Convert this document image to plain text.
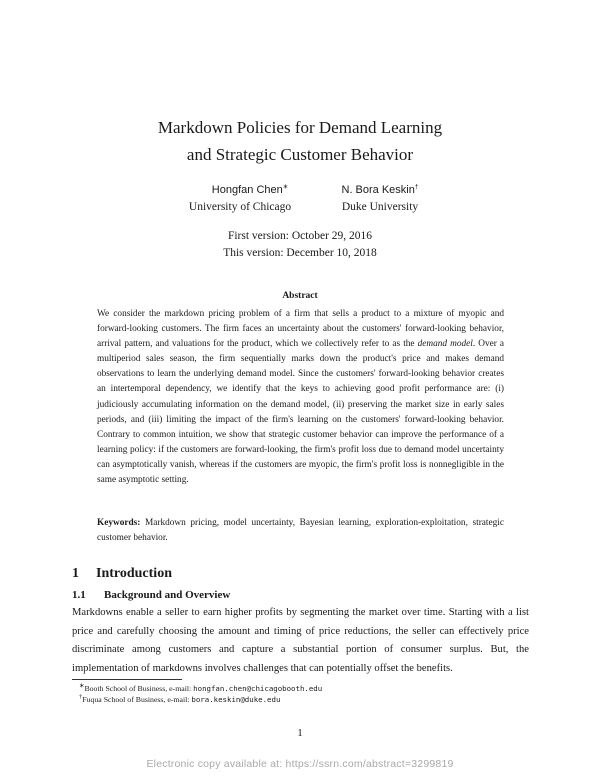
Markdown Policies for Demand Learning
and Strategic Customer Behavior
Hongfan Chen∗	N. Bora Keskin†
University of Chicago	Duke University
First version: October 29, 2016
This version: December 10, 2018
Abstract
We consider the markdown pricing problem of a firm that sells a product to a mixture of myopic and forward-looking customers. The firm faces an uncertainty about the customers' forward-looking behavior, arrival pattern, and valuations for the product, which we collectively refer to as the demand model. Over a multiperiod sales season, the firm sequentially marks down the product's price and makes demand observations to learn the underlying demand model. Since the customers' forward-looking behavior creates an intertemporal dependency, we identify that the keys to achieving good profit performance are: (i) judiciously accumulating information on the demand model, (ii) preserving the market size in early sales periods, and (iii) limiting the impact of the firm's learning on the customers' forward-looking behavior. Contrary to common intuition, we show that strategic customer behavior can improve the performance of a learning policy: if the customers are forward-looking, the firm's profit loss due to demand model uncertainty can asymptotically vanish, whereas if the customers are myopic, the firm's profit loss is nonnegligible in the same asymptotic setting.
Keywords: Markdown pricing, model uncertainty, Bayesian learning, exploration-exploitation, strategic customer behavior.
1 Introduction
1.1 Background and Overview
Markdowns enable a seller to earn higher profits by segmenting the market over time. Starting with a list price and carefully choosing the amount and timing of price reductions, the seller can effectively price discriminate among customers and capture a substantial portion of consumer surplus. But, the implementation of markdowns involves challenges that can potentially offset the benefits.
∗Booth School of Business, e-mail: hongfan.chen@chicagobooth.edu
†Fuqua School of Business, e-mail: bora.keskin@duke.edu
1
Electronic copy available at: https://ssrn.com/abstract=3299819
